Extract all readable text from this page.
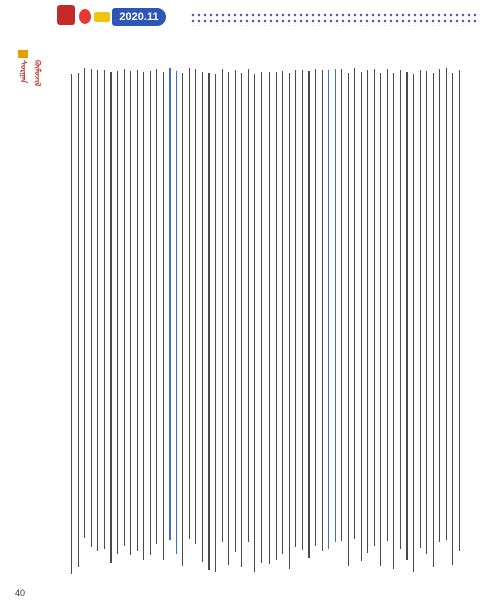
2020.11
ᠰᠤᠷᠭᠠᠨ ᠬᠦᠮᠦᠵᠢᠯ
40
